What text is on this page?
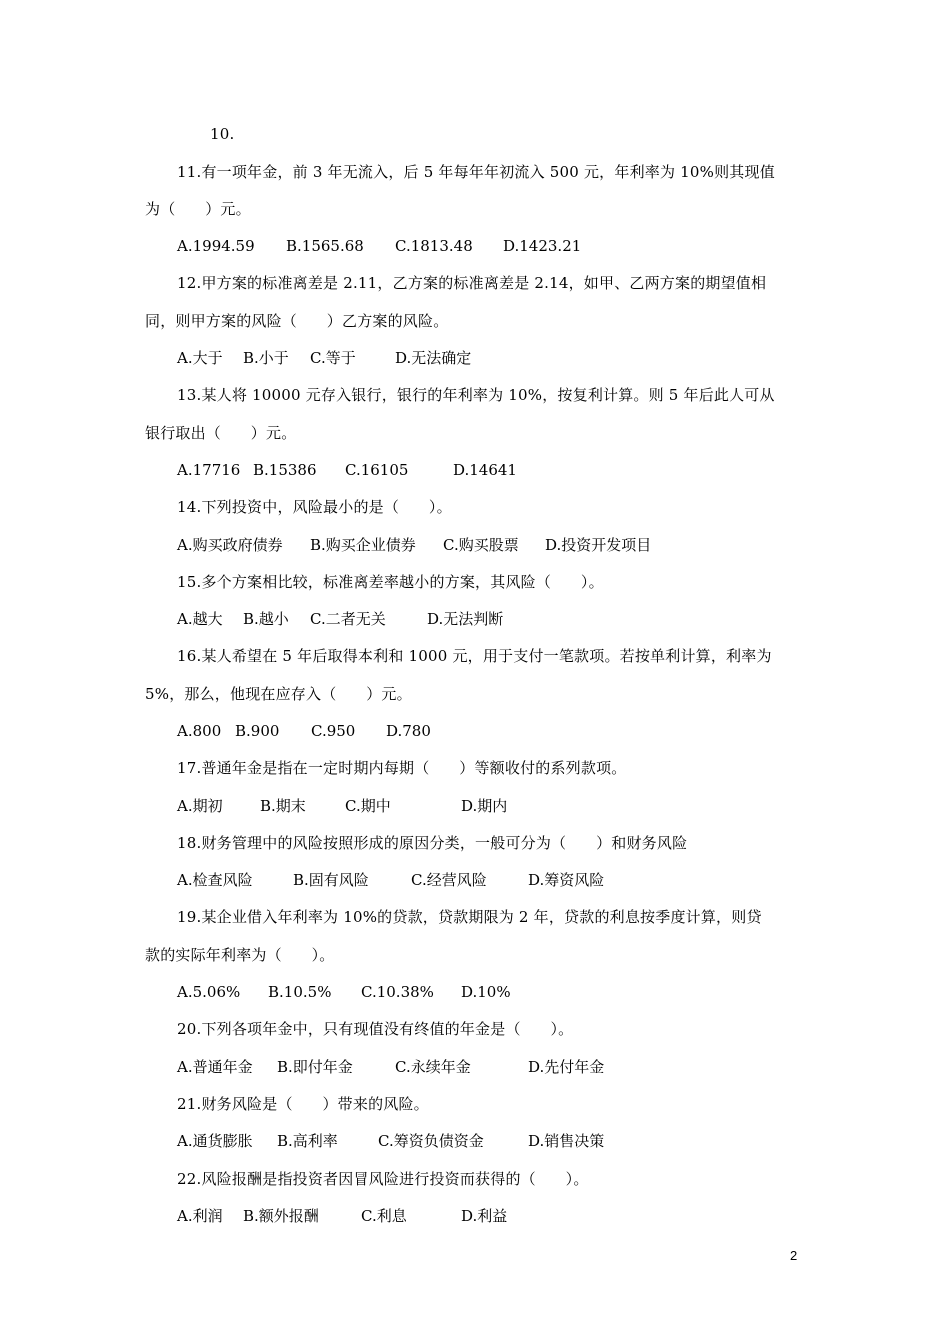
10.
11.有一项年金，前 3 年无流入，后 5 年每年年初流入 500 元，年利率为 10%则其现值
为（      ）元。
A.1994.59 B.1565.68 C.1813.48 D.1423.21
12.甲方案的标准离差是 2.11，乙方案的标准离差是 2.14，如甲、乙两方案的期望值相
同，则甲方案的风险（      ）乙方案的风险。
A.大于 B.小于 C.等于	D.无法确定
13.某人将 10000 元存入银行，银行的年利率为 10%，按复利计算。则 5 年后此人可从
银行取出（      ）元。
A.17716 B.15386 C.16105	D.14641
14.下列投资中，风险最小的是（      ）。
A.购买政府债券 B.购买企业债券 C.购买股票 D.投资开发项目
15.多个方案相比较，标准离差率越小的方案，其风险（      ）。
A.越大 B.越小 C.二者无关	D.无法判断
16.某人希望在 5 年后取得本利和 1000 元，用于支付一笔款项。若按单利计算，利率为
5%，那么，他现在应存入（      ）元。
A.800 B.900 C.950 D.780
17.普通年金是指在一定时期内每期（      ）等额收付的系列款项。
A.期初 B.期末	C.期中	D.期内
18.财务管理中的风险按照形成的原因分类，一般可分为（      ）和财务风险
A.检查风险	B.固有风险	C.经营风险	D.筹资风险
19.某企业借入年利率为 10%的贷款，贷款期限为 2 年，贷款的利息按季度计算，则贷
款的实际年利率为（      ）。
A.5.06% B.10.5% C.10.38% D.10%
20.下列各项年金中，只有现值没有终值的年金是（      ）。
A.普通年金 B.即付年金	C.永续年金	D.先付年金
21.财务风险是（      ）带来的风险。
A.通货膨胀 B.高利率	C.筹资负债资金	D.销售决策
22.风险报酬是指投资者因冒风险进行投资而获得的（      ）。
A.利润 B.额外报酬	C.利息	D.利益
2
